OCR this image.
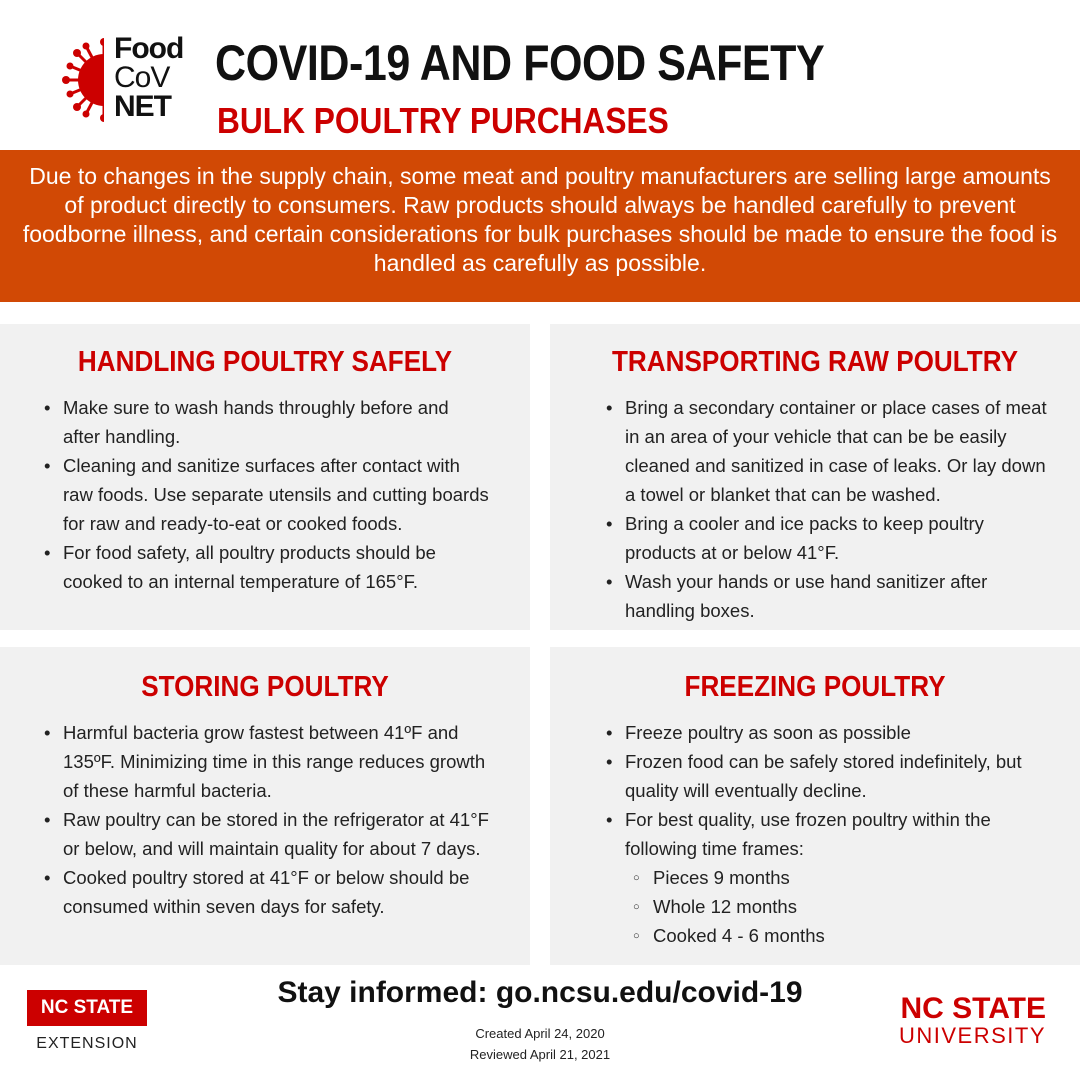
Food
CoV
NET
COVID-19 AND FOOD SAFETY
BULK POULTRY PURCHASES
Due to changes in the supply chain, some meat and poultry manufacturers are selling large amounts of product directly to consumers. Raw products should always be handled carefully to prevent foodborne illness, and certain considerations for bulk purchases should be made to ensure the food is handled as carefully as possible.
HANDLING POULTRY SAFELY
• Make sure to wash hands throughly before and after handling.
• Cleaning and sanitize surfaces after contact with raw foods. Use separate utensils and cutting boards for raw and ready-to-eat or cooked foods.
• For food safety, all poultry products should be cooked to an internal temperature of 165°F.
TRANSPORTING RAW POULTRY
• Bring a secondary container or place cases of meat in an area of your vehicle that can be be easily cleaned and sanitized in case of leaks. Or lay down a towel or blanket that can be washed.
• Bring a cooler and ice packs to keep poultry products at or below 41°F.
• Wash your hands or use hand sanitizer after handling boxes.
STORING POULTRY
• Harmful bacteria grow fastest between 41ºF and 135ºF. Minimizing time in this range reduces growth of these harmful bacteria.
• Raw poultry can be stored in the refrigerator at 41°F or below, and will maintain quality for about 7 days.
• Cooked poultry stored at 41°F or below should be consumed within seven days for safety.
FREEZING POULTRY
• Freeze poultry as soon as possible
• Frozen food can be safely stored indefinitely, but quality will eventually decline.
• For best quality, use frozen poultry within the following time frames:
○ Pieces 9 months
○ Whole 12 months
○ Cooked 4 - 6 months
NC STATE
EXTENSION
Stay informed: go.ncsu.edu/covid-19
Created April 24, 2020
Reviewed April 21, 2021
NC STATE
UNIVERSITY
